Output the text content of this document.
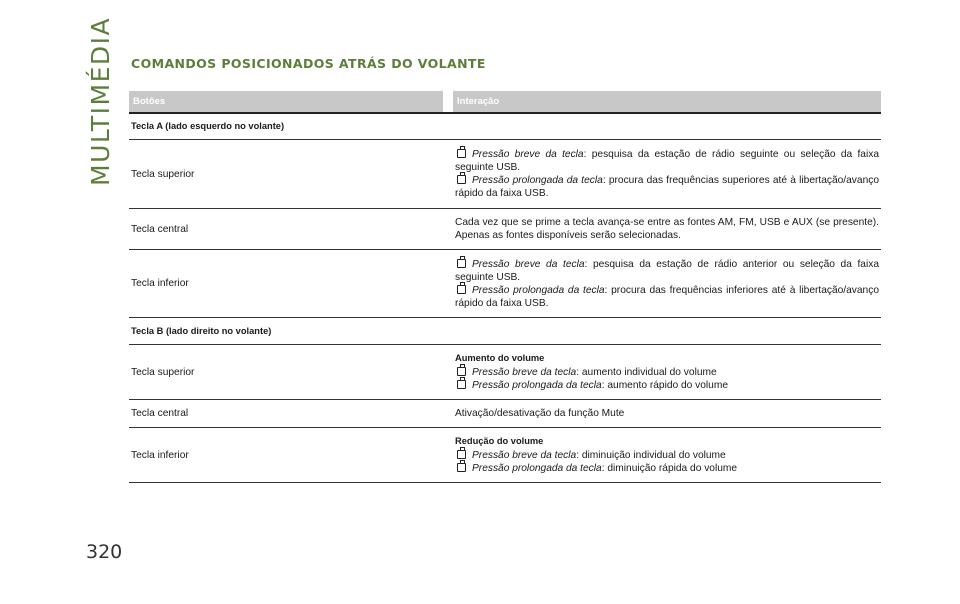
MULTIMÉDIA
320
COMANDOS POSICIONADOS ATRÁS DO VOLANTE
Botões	Interação
Tecla A (lado esquerdo no volante)
Tecla superior
Pressão breve da tecla: pesquisa da estação de rádio seguinte ou seleção da faixa seguinte USB.
Pressão prolongada da tecla: procura das frequências superiores até à libertação/avanço rápido da faixa USB.
Tecla central
Cada vez que se prime a tecla avança-se entre as fontes AM, FM, USB e AUX (se presente). Apenas as fontes disponíveis serão selecionadas.
Tecla inferior
Pressão breve da tecla: pesquisa da estação de rádio anterior ou seleção da faixa seguinte USB.
Pressão prolongada da tecla: procura das frequências inferiores até à libertação/avanço rápido da faixa USB.
Tecla B (lado direito no volante)
Tecla superior
Aumento do volume
Pressão breve da tecla: aumento individual do volume
Pressão prolongada da tecla: aumento rápido do volume
Tecla central	Ativação/desativação da função Mute
Tecla inferior
Redução do volume
Pressão breve da tecla: diminuição individual do volume
Pressão prolongada da tecla: diminuição rápida do volume
